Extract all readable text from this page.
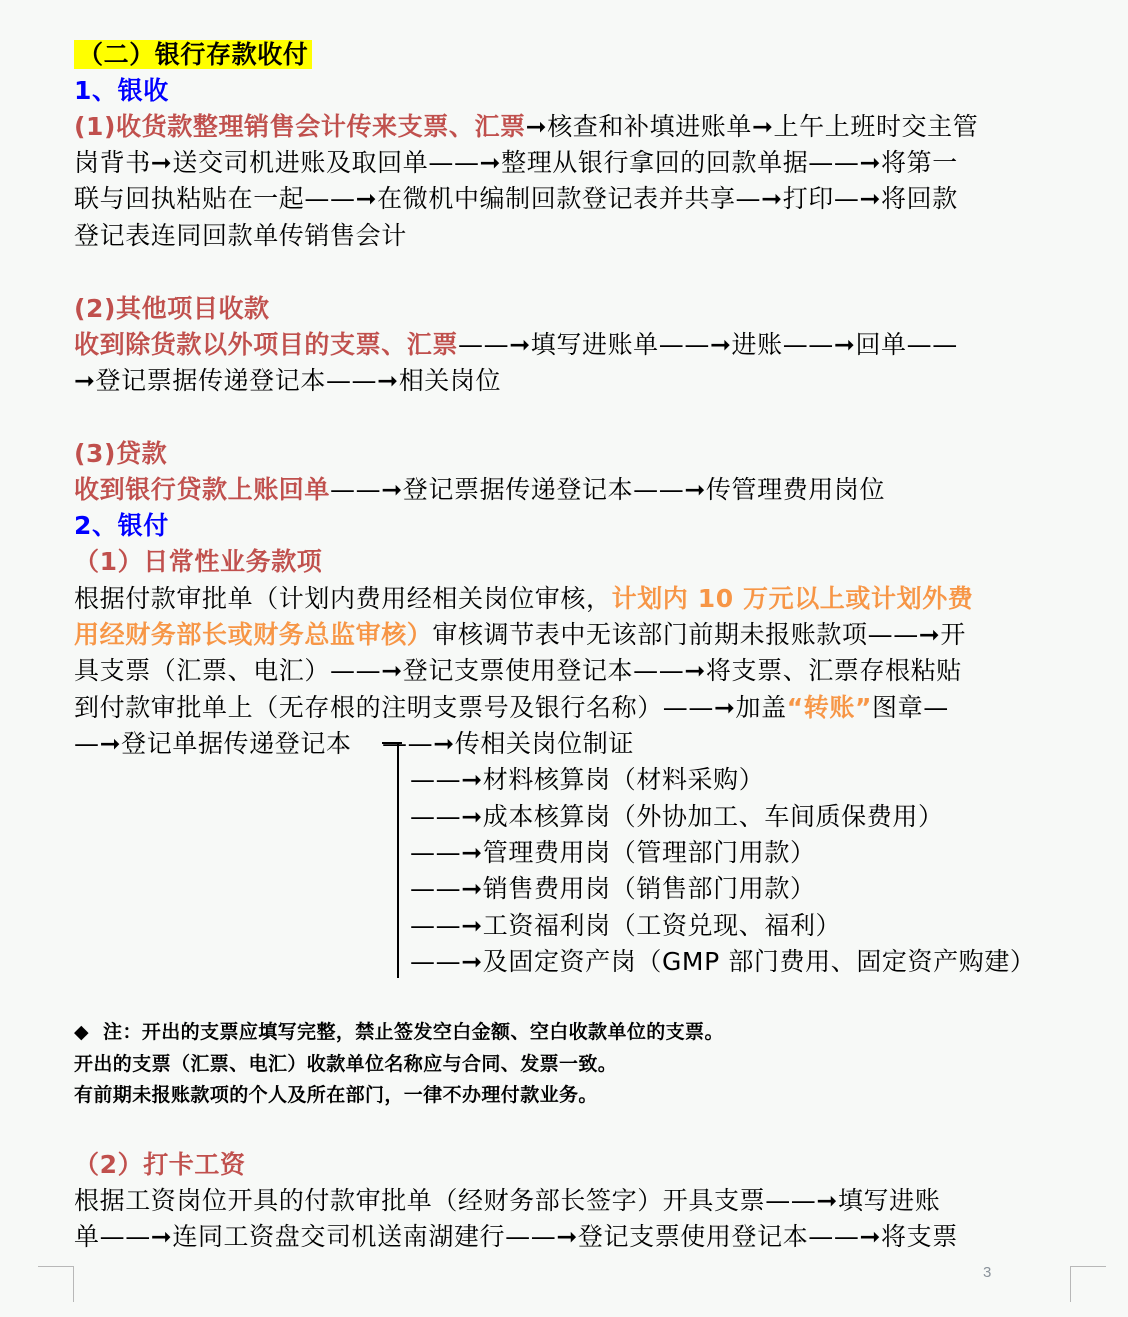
（二）银行存款收付
1、银收
(1)收货款整理销售会计传来支票、汇票➞核查和补填进账单➞上午上班时交主管
岗背书➞送交司机进账及取回单——➞整理从银行拿回的回款单据——➞将第一
联与回执粘贴在一起——➞在微机中编制回款登记表并共享—➞打印—➞将回款
登记表连同回款单传销售会计
(2)其他项目收款
收到除货款以外项目的支票、汇票——➞填写进账单——➞进账——➞回单——
➞登记票据传递登记本——➞相关岗位
(3)贷款
收到银行贷款上账回单——➞登记票据传递登记本——➞传管理费用岗位
2、银付
（1）日常性业务款项
根据付款审批单（计划内费用经相关岗位审核，计划内 10 万元以上或计划外费
用经财务部长或财务总监审核）审核调节表中无该部门前期未报账款项——➞开
具支票（汇票、电汇）——➞登记支票使用登记本——➞将支票、汇票存根粘贴
到付款审批单上（无存根的注明支票号及银行名称）——➞加盖“转账”图章—
—➞登记单据传递登记本 ——➞传相关岗位制证
——➞材料核算岗（材料采购）
——➞成本核算岗（外协加工、车间质保费用）
——➞管理费用岗（管理部门用款）
——➞销售费用岗（销售部门用款）
——➞工资福利岗（工资兑现、福利）
——➞及固定资产岗（GMP 部门费用、固定资产购建）
◆ 注：开出的支票应填写完整，禁止签发空白金额、空白收款单位的支票。
开出的支票（汇票、电汇）收款单位名称应与合同、发票一致。
有前期未报账款项的个人及所在部门，一律不办理付款业务。
（2）打卡工资
根据工资岗位开具的付款审批单（经财务部长签字）开具支票——➞填写进账
单——➞连同工资盘交司机送南湖建行——➞登记支票使用登记本——➞将支票
3
